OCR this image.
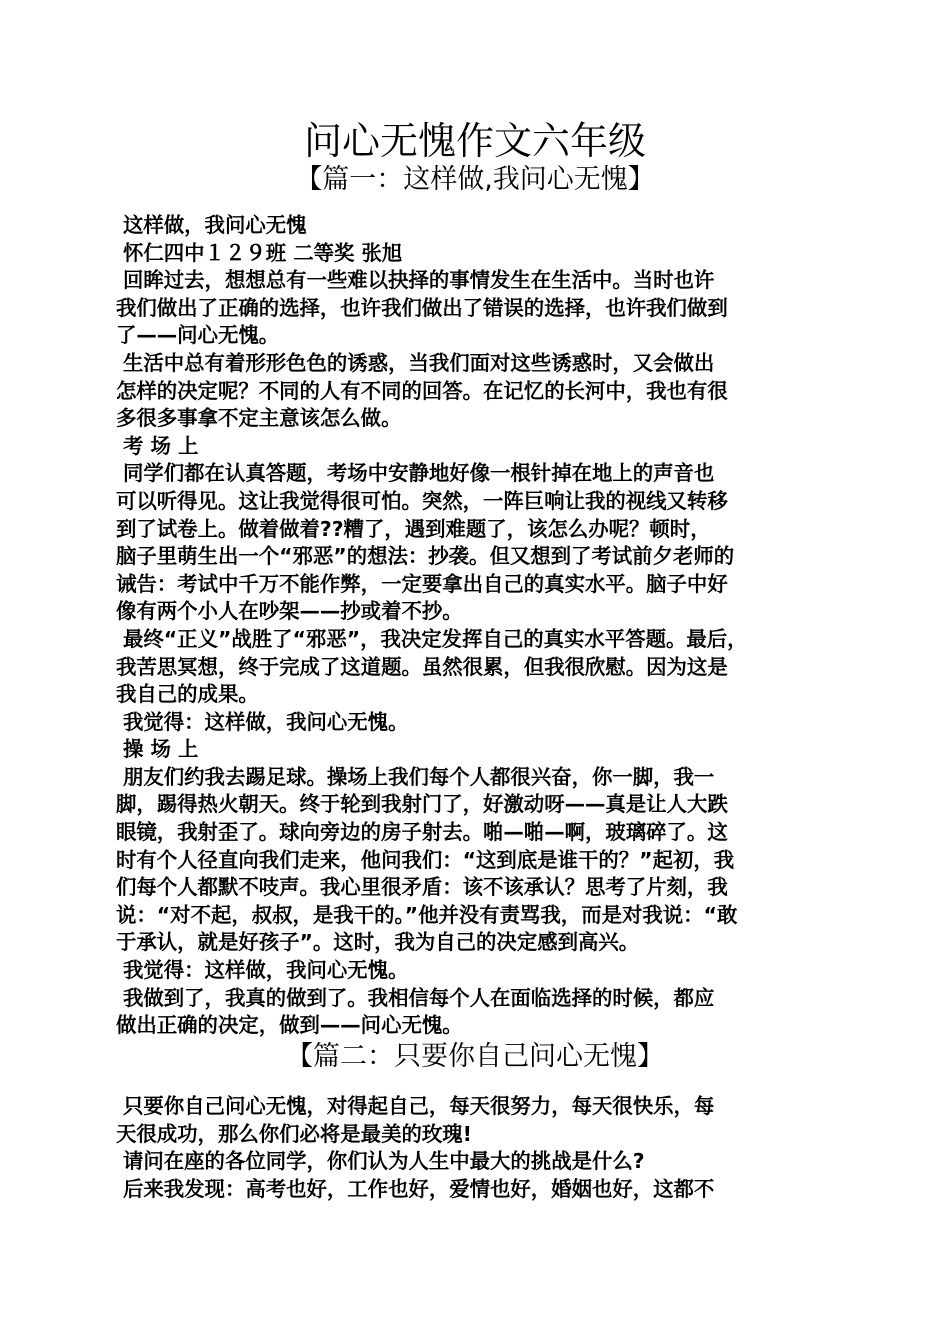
问心无愧作文六年级
【篇一：这样做,我问心无愧】
这样做，我问心无愧
怀仁四中１２９班 二等奖 张旭
回眸过去，想想总有一些难以抉择的事情发生在生活中。当时也许
我们做出了正确的选择，也许我们做出了错误的选择，也许我们做到
了——问心无愧。
生活中总有着形形色色的诱惑，当我们面对这些诱惑时，又会做出
怎样的决定呢？不同的人有不同的回答。在记忆的长河中，我也有很
多很多事拿不定主意该怎么做。
考 场 上
同学们都在认真答题，考场中安静地好像一根针掉在地上的声音也
可以听得见。这让我觉得很可怕。突然，一阵巨响让我的视线又转移
到了试卷上。做着做着??糟了，遇到难题了，该怎么办呢？顿时，
脑子里萌生出一个“邪恶”的想法：抄袭。但又想到了考试前夕老师的
诫告：考试中千万不能作弊，一定要拿出自己的真实水平。脑子中好
像有两个小人在吵架——抄或着不抄。
最终“正义”战胜了“邪恶”，我决定发挥自己的真实水平答题。最后，
我苦思冥想，终于完成了这道题。虽然很累，但我很欣慰。因为这是
我自己的成果。
我觉得：这样做，我问心无愧。
操 场 上
朋友们约我去踢足球。操场上我们每个人都很兴奋，你一脚，我一
脚，踢得热火朝天。终于轮到我射门了，好激动呀——真是让人大跌
眼镜，我射歪了。球向旁边的房子射去。啪—啪—啊，玻璃碎了。这
时有个人径直向我们走来，他问我们：“这到底是谁干的？”起初，我
们每个人都默不吱声。我心里很矛盾：该不该承认？思考了片刻，我
说：“对不起，叔叔，是我干的。”他并没有责骂我，而是对我说：“敢
于承认，就是好孩子”。这时，我为自己的决定感到高兴。
我觉得：这样做，我问心无愧。
我做到了，我真的做到了。我相信每个人在面临选择的时候，都应
做出正确的决定，做到——问心无愧。
【篇二：只要你自己问心无愧】
只要你自己问心无愧，对得起自己，每天很努力，每天很快乐，每
天很成功，那么你们必将是最美的玫瑰!
请问在座的各位同学，你们认为人生中最大的挑战是什么?
后来我发现：高考也好，工作也好，爱情也好，婚姻也好，这都不
